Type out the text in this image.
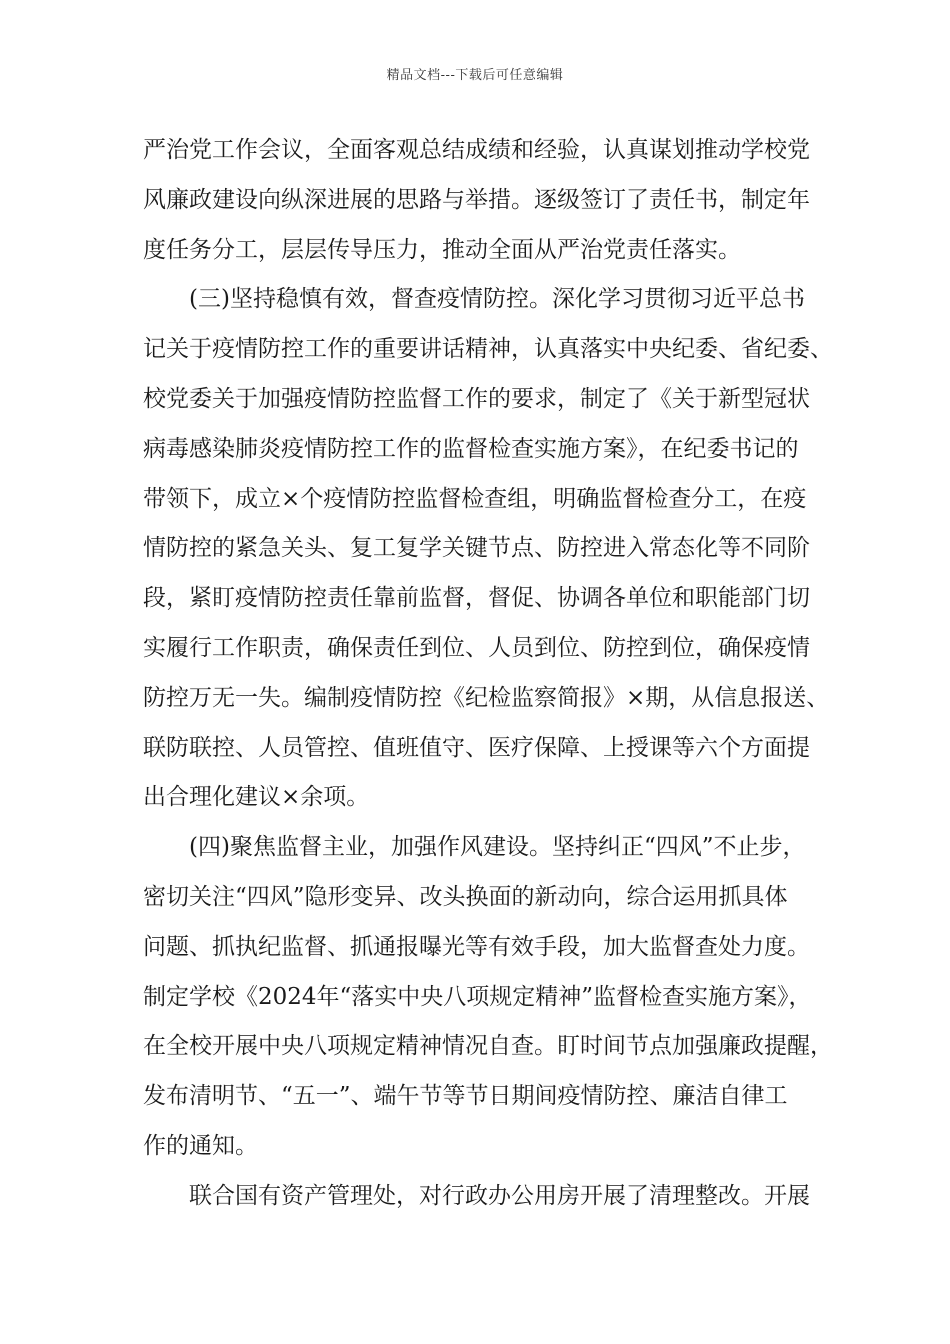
精品文档---下载后可任意编辑
严治党工作会议，全面客观总结成绩和经验，认真谋划推动学校党
风廉政建设向纵深进展的思路与举措。逐级签订了责任书，制定年
度任务分工，层层传导压力，推动全面从严治党责任落实。
(三)坚持稳慎有效，督查疫情防控。深化学习贯彻习近平总书
记关于疫情防控工作的重要讲话精神，认真落实中央纪委、省纪委、
校党委关于加强疫情防控监督工作的要求，制定了《关于新型冠状
病毒感染肺炎疫情防控工作的监督检查实施方案》，在纪委书记的
带领下，成立×个疫情防控监督检查组，明确监督检查分工，在疫
情防控的紧急关头、复工复学关键节点、防控进入常态化等不同阶
段，紧盯疫情防控责任靠前监督，督促、协调各单位和职能部门切
实履行工作职责，确保责任到位、人员到位、防控到位，确保疫情
防控万无一失。编制疫情防控《纪检监察简报》×期，从信息报送、
联防联控、人员管控、值班值守、医疗保障、上授课等六个方面提
出合理化建议×余项。
(四)聚焦监督主业，加强作风建设。坚持纠正“四风”不止步，
密切关注“四风”隐形变异、改头换面的新动向，综合运用抓具体
问题、抓执纪监督、抓通报曝光等有效手段，加大监督查处力度。
制定学校《2024年“落实中央八项规定精神”监督检查实施方案》，
在全校开展中央八项规定精神情况自查。盯时间节点加强廉政提醒，
发布清明节、“五一”、端午节等节日期间疫情防控、廉洁自律工
作的通知。
联合国有资产管理处，对行政办公用房开展了清理整改。开展
